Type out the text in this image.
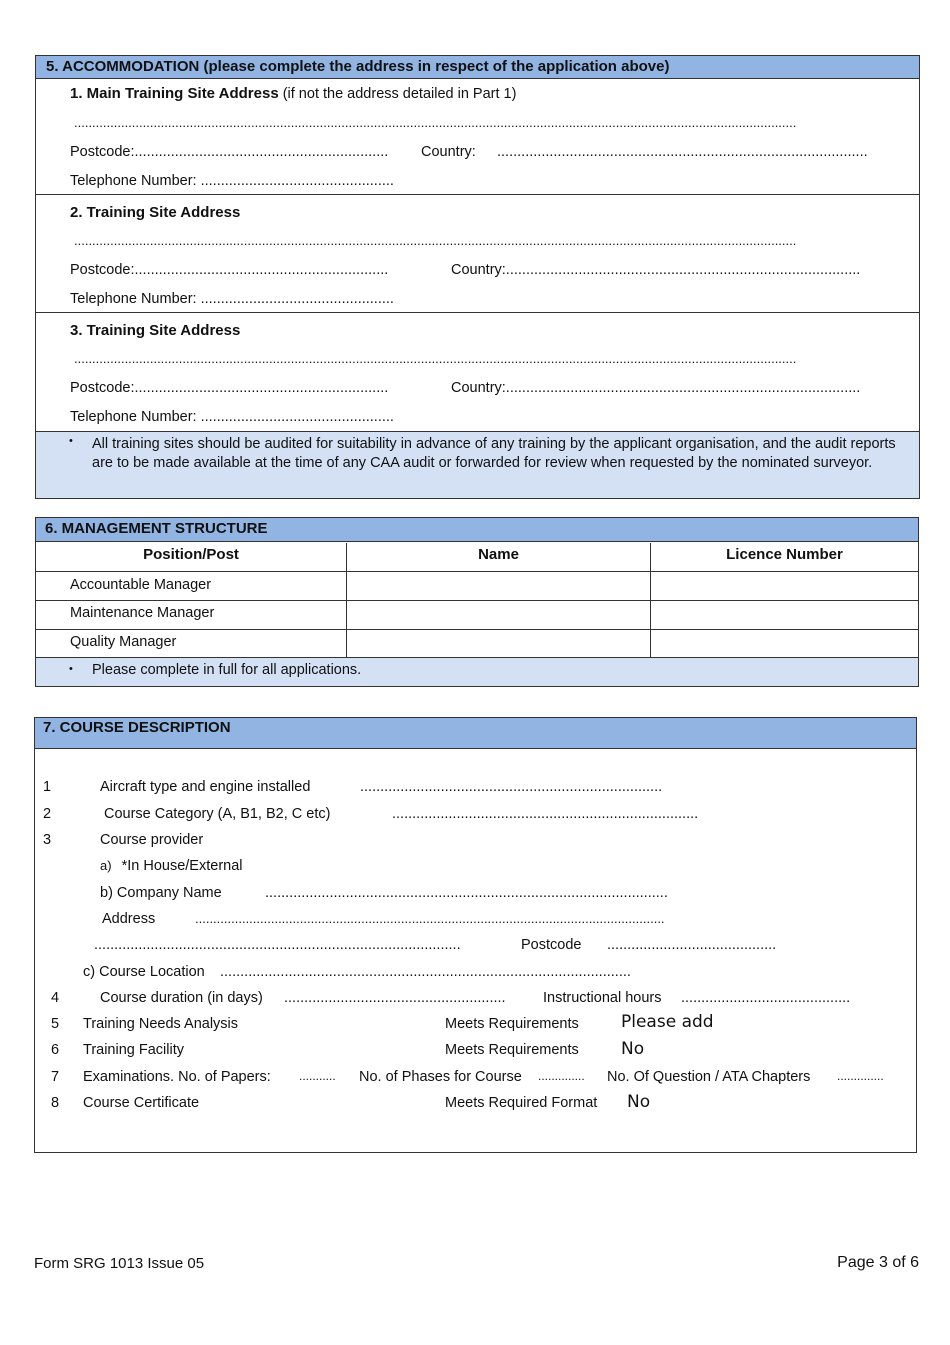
5. ACCOMMODATION (please complete the address in respect of the application above)
1. Main Training Site Address (if not the address detailed in Part 1)
........................................................................................................................................................................................................
Postcode:............................................................... Country: ............................................................................................
Telephone Number: ................................................
2. Training Site Address
........................................................................................................................................................................................................
Postcode:...............................................................	Country:........................................................................................
Telephone Number: ................................................
3. Training Site Address
........................................................................................................................................................................................................
Postcode:...............................................................	Country:........................................................................................
Telephone Number: ................................................
• All training sites should be audited for suitability in advance of any training by the applicant organisation, and the audit reports are to be made available at the time of any CAA audit or forwarded for review when requested by the nominated surveyor.
6. MANAGEMENT STRUCTURE
Position/Post	Name	Licence Number
Accountable Manager
Maintenance Manager
Quality Manager
• Please complete in full for all applications.
7. COURSE DESCRIPTION
1	Aircraft type and engine installed	...........................................................................
2	Course Category (A, B1, B2, C etc)	............................................................................
3	Course provider
a) *In House/External
b) Company Name	....................................................................................................
Address	..................................................................................................................................
...........................................................................................	Postcode ..........................................
c) Course Location ......................................................................................................
4	Course duration (in days) .......................................................	Instructional hours ..........................................
5 Training Needs Analysis	Meets Requirements Please add
6 Training Facility	Meets Requirements No
7 Examinations. No. of Papers: ........... No. of Phases for Course .............. No. Of Question / ATA Chapters ..............
8 Course Certificate	Meets Required Format No
Form SRG 1013 Issue 05	Page 3 of 6
